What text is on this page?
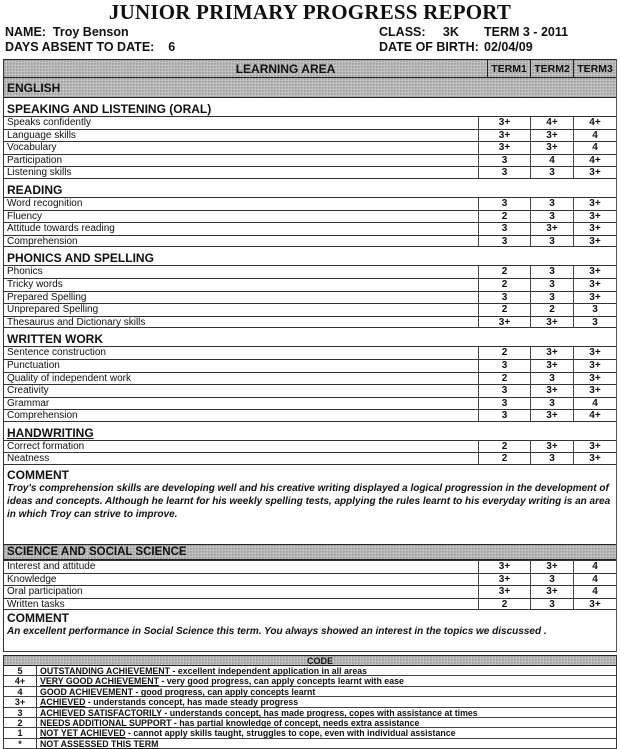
JUNIOR PRIMARY PROGRESS REPORT
NAME: Troy Benson
DAYS ABSENT TO DATE: 6
CLASS: 3K TERM 3 - 2011
DATE OF BIRTH: 02/04/09
LEARNING AREA	TERM1 TERM2 TERM3
ENGLISH
SPEAKING AND LISTENING (ORAL)
Speaks confidently	3+	4+	4+
Language skills	3+	3+	4
Vocabulary	3+	3+	4
Participation	3	4	4+
Listening skills	3	3	3+
READING
Word recognition	3	3	3+
Fluency	2	3	3+
Attitude towards reading	3	3+	3+
Comprehension	3	3	3+
PHONICS AND SPELLING
Phonics	2	3	3+
Tricky words	2	3	3+
Prepared Spelling	3	3	3+
Unprepared Spelling	2	2	3
Thesaurus and Dictionary skills	3+	3+	3
WRITTEN WORK
Sentence construction	2	3+	3+
Punctuation	3	3+	3+
Quality of independent work	2	3	3+
Creativity	3	3+	3+
Grammar	3	3	4
Comprehension	3	3+	4+
HANDWRITING
Correct formation	2	3+	3+
Neatness	2	3	3+
COMMENT
Troy's comprehension skills are developing well and his creative writing displayed a logical progression in the development of ideas and concepts. Although he learnt for his weekly spelling tests, applying the rules learnt to his everyday writing is an area in which Troy can strive to improve.
SCIENCE AND SOCIAL SCIENCE
Interest and attitude	3+	3+	4
Knowledge	3+	3	4
Oral participation	3+	3+	4
Written tasks	2	3	3+
COMMENT
An excellent performance in Social Science this term. You always showed an interest in the topics we discussed .
CODE
5	OUTSTANDING ACHIEVEMENT - excellent independent application in all areas
4+	VERY GOOD ACHIEVEMENT - very good progress, can apply concepts learnt with ease
4	GOOD ACHIEVEMENT - good progress, can apply concepts learnt
3+	ACHIEVED - understands concept, has made steady progress
3	ACHIEVED SATISFACTORILY - understands concept, has made progress, copes with assistance at times
2	NEEDS ADDITIONAL SUPPORT - has partial knowledge of concept, needs extra assistance
1	NOT YET ACHIEVED - cannot apply skills taught, struggles to cope, even with individual assistance
*	NOT ASSESSED THIS TERM
